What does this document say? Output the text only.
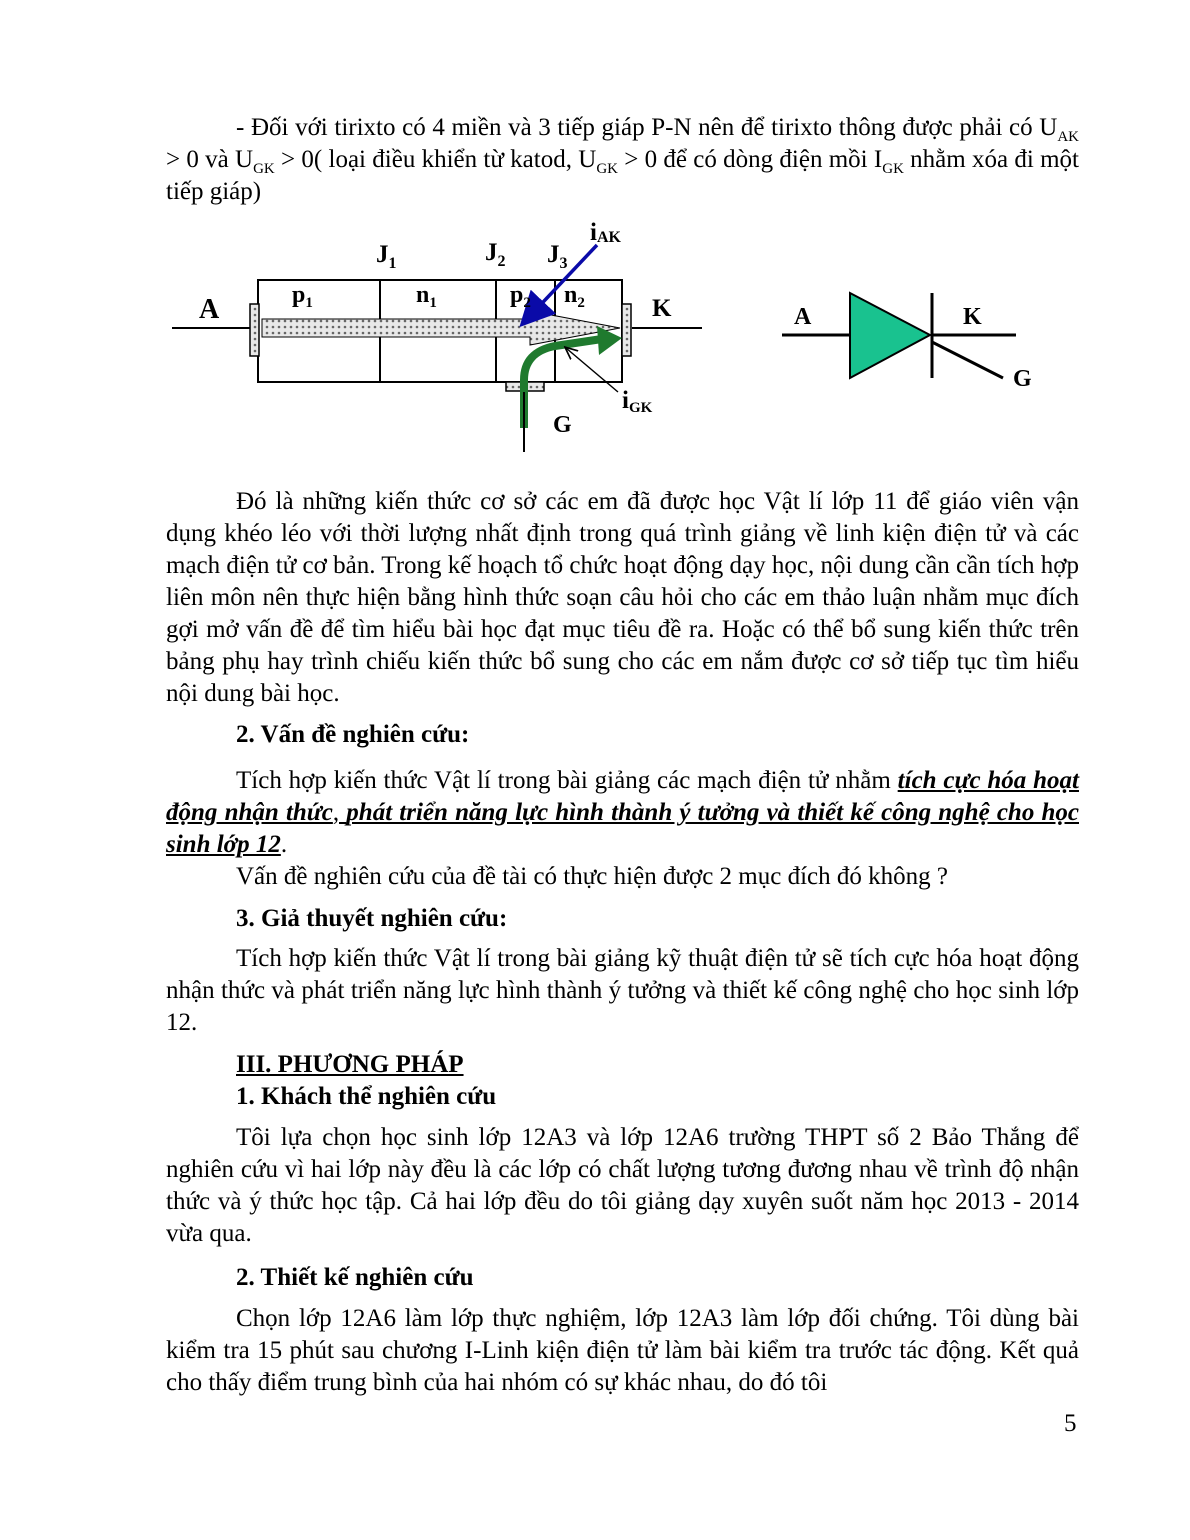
- Đối với tirixto có 4 miền và 3 tiếp giáp P-N nên để tirixto thông được phải có $U_{AK} > 0$ và $U_{GK} > 0$( loại điều khiển từ katod, $U_{GK} > 0$ để có dòng điện mồi $I_{GK}$ nhằm xóa đi một tiếp giáp)

$J_1$	$J_2$ $J_3$
iAK
$p_1$	$n_1$	$p_2$ $n_2$
A	K
G
iGK
A	K
G

Đó là những kiến thức cơ sở các em đã được học Vật lí lớp 11 để giáo viên vận dụng khéo léo với thời lượng nhất định trong quá trình giảng về linh kiện điện tử và các mạch điện tử cơ bản. Trong kế hoạch tổ chức hoạt động dạy học, nội dung cần cần tích hợp liên môn nên thực hiện bằng hình thức soạn câu hỏi cho các em thảo luận nhằm mục đích gợi mở vấn đề để tìm hiểu bài học đạt mục tiêu đề ra. Hoặc có thể bổ sung kiến thức trên bảng phụ hay trình chiếu kiến thức bổ sung cho các em nắm được cơ sở tiếp tục tìm hiểu nội dung bài học.

2. Vấn đề nghiên cứu:

Tích hợp kiến thức Vật lí trong bài giảng các mạch điện tử nhằm tích cực hóa hoạt động nhận thức, phát triển năng lực hình thành ý tưởng và thiết kế công nghệ cho học sinh lớp 12.

Vấn đề nghiên cứu của đề tài có thực hiện được 2 mục đích đó không ?

3. Giả thuyết nghiên cứu:

Tích hợp kiến thức Vật lí trong bài giảng kỹ thuật điện tử sẽ tích cực hóa hoạt động nhận thức và phát triển năng lực hình thành ý tưởng và thiết kế công nghệ cho học sinh lớp 12.

III. PHƯƠNG PHÁP

1. Khách thể nghiên cứu

Tôi lựa chọn học sinh lớp 12A3 và lớp 12A6 trường THPT số 2 Bảo Thắng để nghiên cứu vì hai lớp này đều là các lớp có chất lượng tương đương nhau về trình độ nhận thức và ý thức học tập. Cả hai lớp đều do tôi giảng dạy xuyên suốt năm học 2013 - 2014 vừa qua.

2. Thiết kế nghiên cứu

Chọn lớp 12A6 làm lớp thực nghiệm, lớp 12A3 làm lớp đối chứng. Tôi dùng bài kiểm tra 15 phút sau chương I-Linh kiện điện tử làm bài kiểm tra trước tác động. Kết quả cho thấy điểm trung bình của hai nhóm có sự khác nhau, do đó tôi

5
